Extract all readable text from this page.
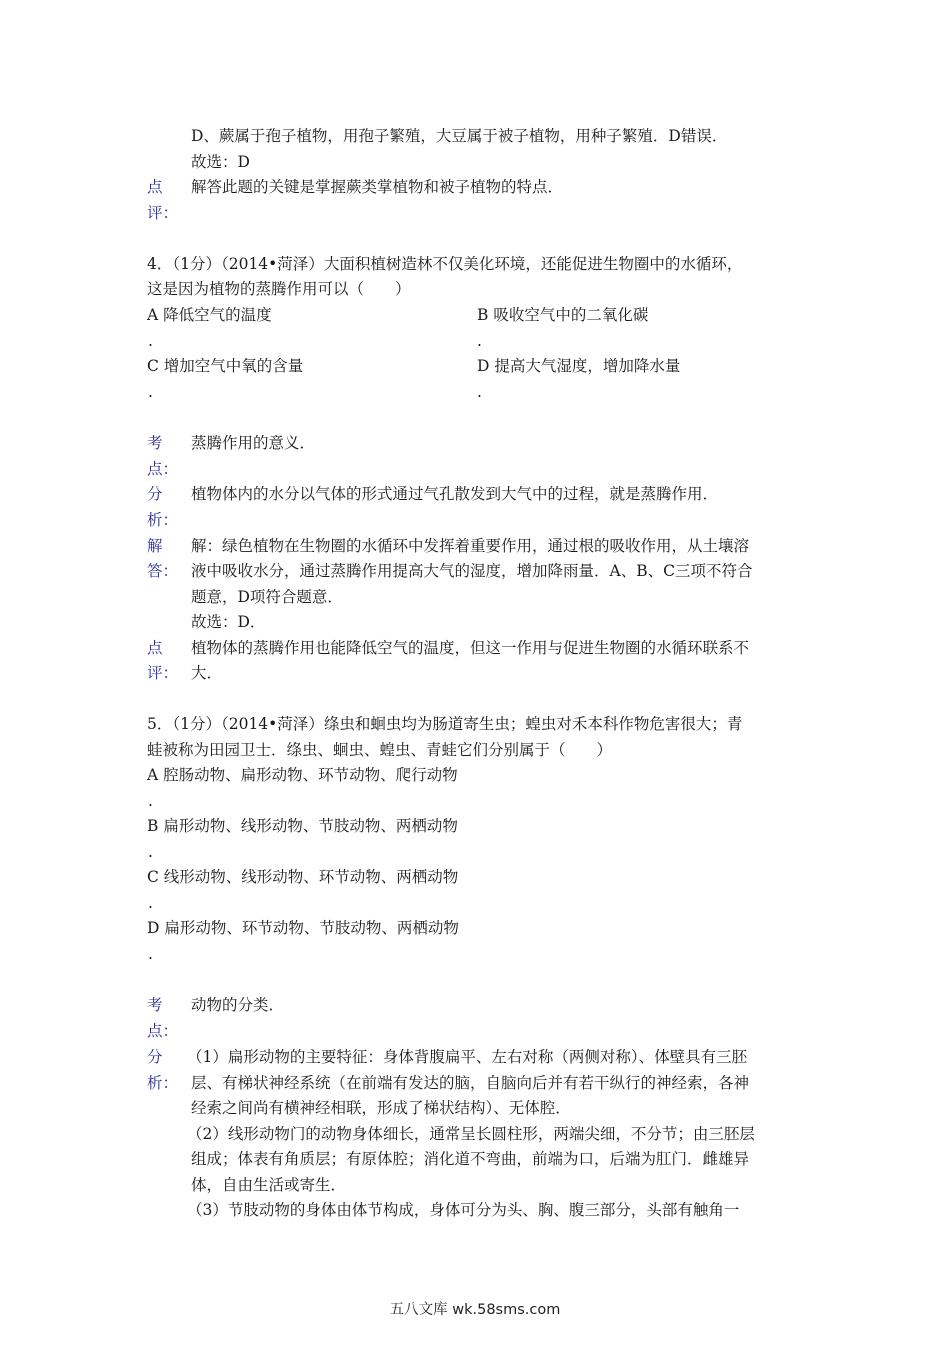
D、蕨属于孢子植物，用孢子繁殖，大豆属于被子植物，用种子繁殖．D错误．
故选：D
点
评：
解答此题的关键是掌握蕨类掌植物和被子植物的特点．
4．（1分）（2014•菏泽）大面积植树造林不仅美化环境，还能促进生物圈中的水循环，
这是因为植物的蒸腾作用可以（　　）
A 降低空气的温度
.
B 吸收空气中的二氧化碳
.
C 增加空气中氧的含量
.
D 提高大气湿度，增加降水量
.
考
点：
蒸腾作用的意义．
分
析：
植物体内的水分以气体的形式通过气孔散发到大气中的过程，就是蒸腾作用．
解
答：
解：绿色植物在生物圈的水循环中发挥着重要作用，通过根的吸收作用，从土壤溶
液中吸收水分，通过蒸腾作用提高大气的湿度，增加降雨量．A、B、C三项不符合
题意，D项符合题意．
故选：D．
点
评：
植物体的蒸腾作用也能降低空气的温度，但这一作用与促进生物圈的水循环联系不
大．
5．（1分）（2014•菏泽）绦虫和蛔虫均为肠道寄生虫；蝗虫对禾本科作物危害很大；青
蛙被称为田园卫士．绦虫、蛔虫、蝗虫、青蛙它们分别属于（　　）
A 腔肠动物、扁形动物、环节动物、爬行动物
.
B 扁形动物、线形动物、节肢动物、两栖动物
.
C 线形动物、线形动物、环节动物、两栖动物
.
D 扁形动物、环节动物、节肢动物、两栖动物
.
考
点：
动物的分类．
分
析：
（1）扁形动物的主要特征：身体背腹扁平、左右对称（两侧对称）、体壁具有三胚
层、有梯状神经系统（在前端有发达的脑，自脑向后并有若干纵行的神经索，各神
经索之间尚有横神经相联，形成了梯状结构）、无体腔．
（2）线形动物门的动物身体细长，通常呈长圆柱形，两端尖细，不分节；由三胚层
组成；体表有角质层；有原体腔；消化道不弯曲，前端为口，后端为肛门．雌雄异
体，自由生活或寄生．
（3）节肢动物的身体由体节构成，身体可分为头、胸、腹三部分，头部有触角一
五八文库 wk.58sms.com
